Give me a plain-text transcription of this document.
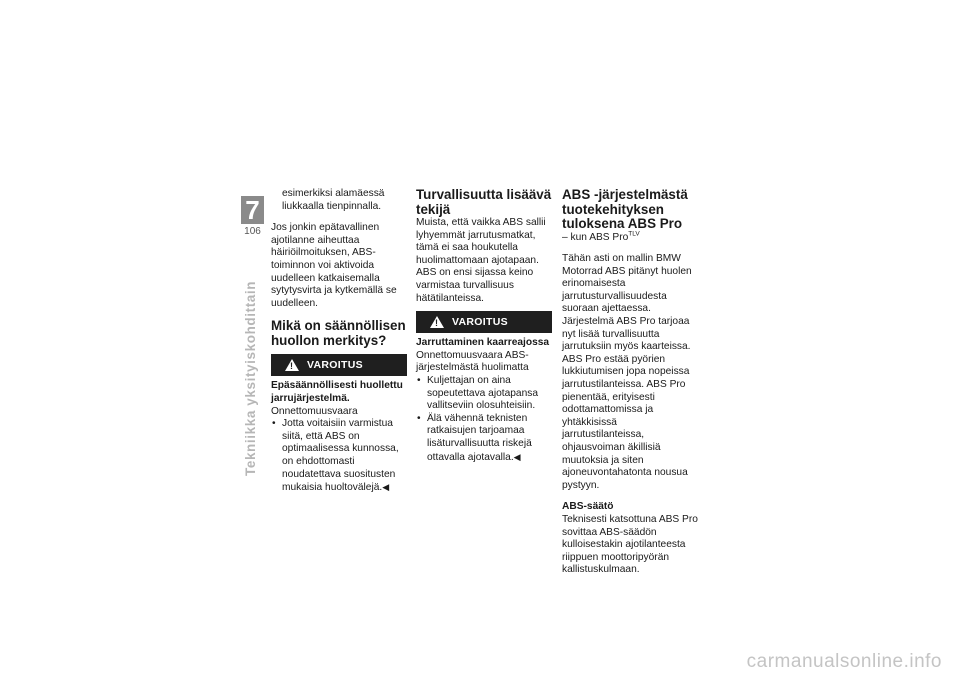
7
106
Tekniikka yksityiskohdittain

esimerkiksi alamäessä liukkaalla tienpinnalla.

Jos jonkin epätavallinen ajotilanne aiheuttaa häiriöilmoituksen, ABS-toiminnon voi aktivoida uudelleen katkaisemalla sytytysvirta ja kytkemällä se uudelleen.

Mikä on säännöllisen huollon merkitys?
!
VAROITUS
Epäsäännöllisesti huollettu jarrujärjestelmä.

Onnettomuusvaara

• Jotta voitaisiin varmistua siitä, että ABS on optimaalisessa kunnossa, on ehdottomasti noudatettava suositusten mukaisia huoltovälejä.◀
Turvallisuutta lisäävä tekijä

Muista, että vaikka ABS sallii lyhyemmät jarrutusmatkat, tämä ei saa houkutella huolimattomaan ajotapaan. ABS on ensi sijassa keino varmistaa turvallisuus hätätilanteissa.

!
VAROITUS
Jarruttaminen kaarreajossa

Onnettomuusvaara ABS-järjestelmästä huolimatta

• Kuljettajan on aina sopeutettava ajotapansa vallitseviin olosuhteisiin.
• Älä vähennä teknisten ratkaisujen tarjoamaa lisäturvallisuutta riskejä ottavalla ajotavalla.◀
ABS -järjestelmästä tuotekehityksen tuloksena ABS Pro

– kun ABS Pro$^{TLV}$

Tähän asti on mallin BMW Motorrad ABS pitänyt huolen erinomaisesta jarrutusturvallisuudesta suoraan ajettaessa. Järjestelmä ABS Pro tarjoaa nyt lisää turvallisuutta jarrutuksiin myös kaarteissa. ABS Pro estää pyörien lukkiutumisen jopa nopeissa jarrutustilanteissa. ABS Pro pienentää, erityisesti odottamattomissa ja yhtäkkisissä jarrutustilanteissa, ohjausvoiman äkillisiä muutoksia ja siten ajoneuvontahatonta nousua pystyyn.

ABS-säätö

Teknisesti katsottuna ABS Pro sovittaa ABS-säädön kulloisestakin ajotilanteesta riippuen moottoripyörän kallistuskulmaan.

carmanualsonline.info
